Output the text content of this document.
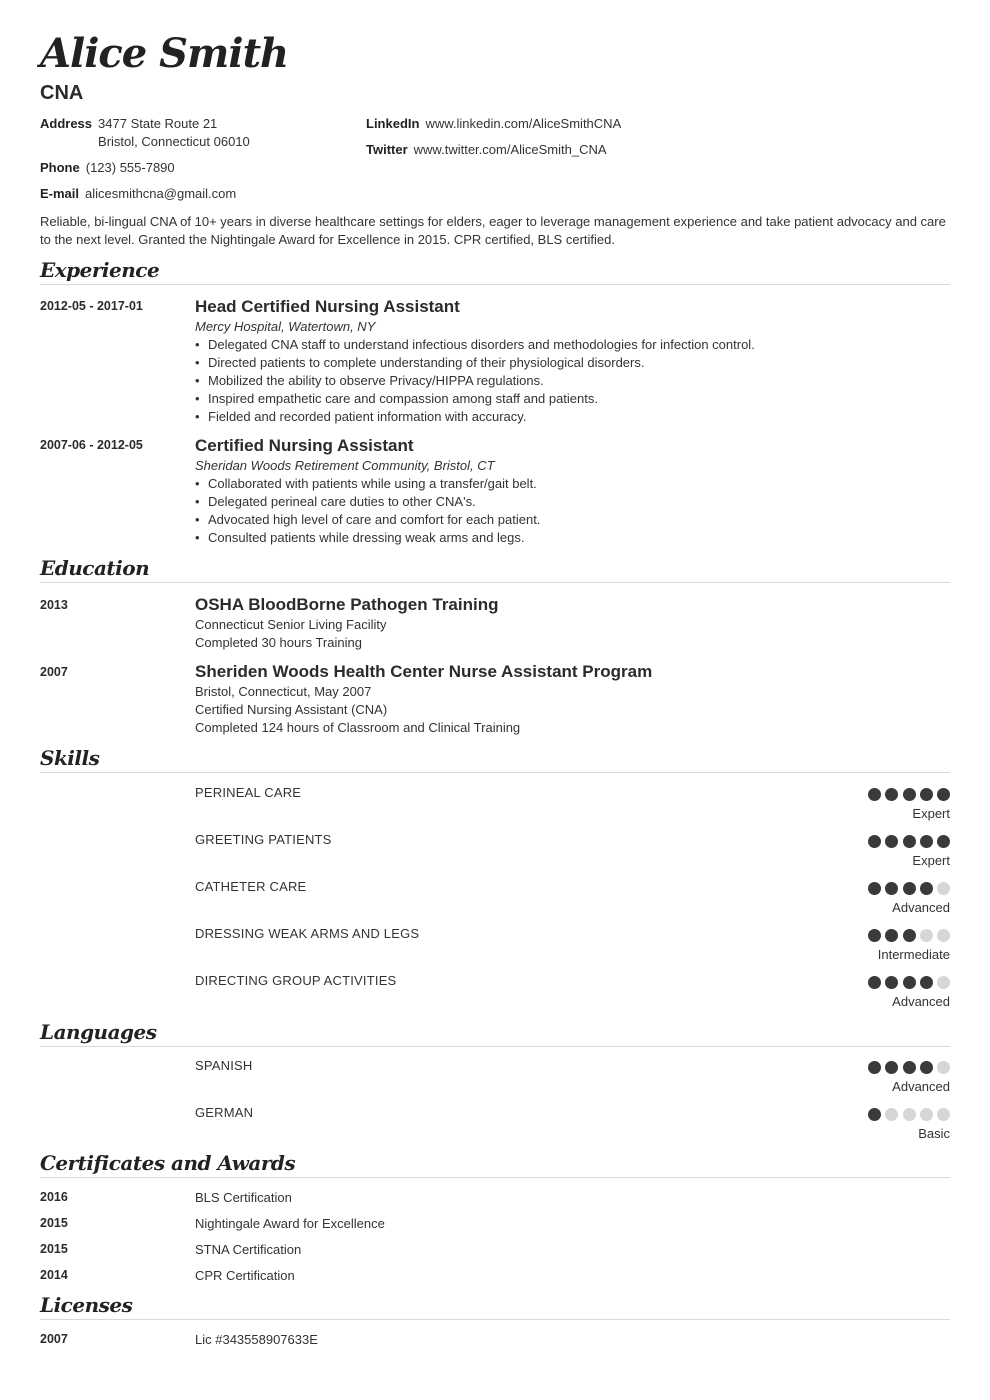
Alice Smith
CNA
Address 3477 State Route 21
Bristol, Connecticut 06010
Phone (123) 555-7890
E-mail alicesmithcna@gmail.com
LinkedIn www.linkedin.com/AliceSmithCNA
Twitter www.twitter.com/AliceSmith_CNA
Reliable, bi-lingual CNA of 10+ years in diverse healthcare settings for elders, eager to leverage management experience and take patient advocacy and care to the next level. Granted the Nightingale Award for Excellence in 2015. CPR certified, BLS certified.
Experience
2012-05 - 2017-01	Head Certified Nursing Assistant
Mercy Hospital, Watertown, NY
• Delegated CNA staff to understand infectious disorders and methodologies for infection control.
• Directed patients to complete understanding of their physiological disorders.
• Mobilized the ability to observe Privacy/HIPPA regulations.
• Inspired empathetic care and compassion among staff and patients.
• Fielded and recorded patient information with accuracy.
2007-06 - 2012-05	Certified Nursing Assistant
Sheridan Woods Retirement Community, Bristol, CT
• Collaborated with patients while using a transfer/gait belt.
• Delegated perineal care duties to other CNA's.
• Advocated high level of care and comfort for each patient.
• Consulted patients while dressing weak arms and legs.
Education
2013	OSHA BloodBorne Pathogen Training
Connecticut Senior Living Facility
Completed 30 hours Training
2007	Sheriden Woods Health Center Nurse Assistant Program
Bristol, Connecticut, May 2007
Certified Nursing Assistant (CNA)
Completed 124 hours of Classroom and Clinical Training
Skills
PERINEAL CARE
Expert
GREETING PATIENTS
Expert
CATHETER CARE
Advanced
DRESSING WEAK ARMS AND LEGS
Intermediate
DIRECTING GROUP ACTIVITIES
Advanced
Languages
SPANISH
Advanced
GERMAN
Basic
Certificates and Awards
2016	BLS Certification
2015	Nightingale Award for Excellence
2015	STNA Certification
2014	CPR Certification
Licenses
2007	Lic #343558907633E
